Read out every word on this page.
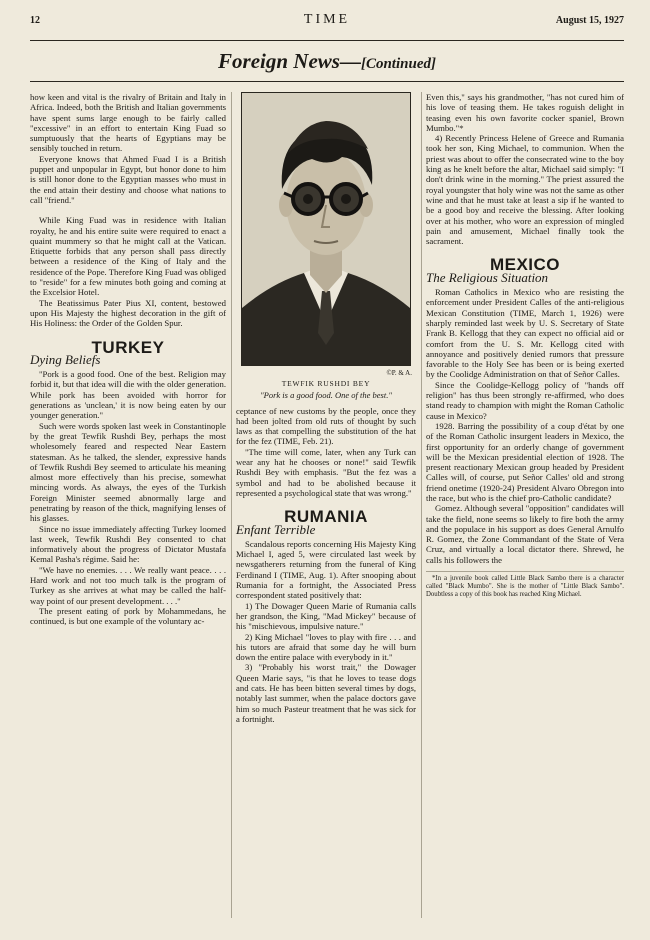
12	TIME	August 15, 1927
Foreign News—[Continued]

how keen and vital is the rivalry of Britain and Italy in Africa. Indeed, both the British and Italian governments have spent sums large enough to be fairly called "excessive" in an effort to entertain King Fuad so sumptuously that the hearts of Egyptians may be sensibly touched in return.

Everyone knows that Ahmed Fuad I is a British puppet and unpopular in Egypt, but honor done to him is still honor done to the Egyptian masses who must in the end attain their destiny and choose what nations to call "friend."

While King Fuad was in residence with Italian royalty, he and his entire suite were required to enact a quaint mummery so that he might call at the Vatican. Etiquette forbids that any person shall pass directly between a residence of the King of Italy and the residence of the Pope. Therefore King Fuad was obliged to "reside" for a few minutes both going and coming at the Excelsior Hotel.

The Beatissimus Pater Pius XI, content, bestowed upon His Majesty the highest decoration in the gift of His Holiness: the Order of the Golden Spur.

TURKEY
Dying Beliefs

"Pork is a good food. One of the best. Religion may forbid it, but that idea will die with the older generation. While pork has been avoided with horror for generations as 'unclean,' it is now being eaten by our younger generation."

Such were words spoken last week in Constantinople by the great Tewfik Rushdi Bey, perhaps the most wholesomely feared and respected Near Eastern statesman. As he talked, the slender, expressive hands of Tewfik Rushdi Bey seemed to articulate his meaning almost more effectively than his precise, somewhat mincing words. As always, the eyes of the Turkish Foreign Minister seemed abnormally large and penetrating by reason of the thick, magnifying lenses of his glasses.

Since no issue immediately affecting Turkey loomed last week, Tewfik Rushdi Bey consented to chat informatively about the progress of Dictator Mustafa Kemal Pasha's régime. Said he:

"We have no enemies. . . . We really want peace. . . . Hard work and not too much talk is the program of Turkey as she arrives at what may be called the half-way point of our present development. . . ."

The present eating of pork by Mohammedans, he continued, is but one example of the voluntary ac-

©P. & A.
TEWFIK RUSHDI BEY
"Pork is a good food. One of the best."

ceptance of new customs by the people, once they had been jolted from old ruts of thought by such laws as that compelling the substitution of the hat for the fez (TIME, Feb. 21).

"The time will come, later, when any Turk can wear any hat he chooses or none!" said Tewfik Rushdi Bey with emphasis. "But the fez was a symbol and had to be abolished because it represented a psychological state that was wrong."

RUMANIA
Enfant Terrible

Scandalous reports concerning His Majesty King Michael I, aged 5, were circulated last week by newsgatherers returning from the funeral of King Ferdinand I (TIME, Aug. 1). After snooping about Rumania for a fortnight, the Associated Press correspondent stated positively that:

1) The Dowager Queen Marie of Rumania calls her grandson, the King, "Mad Mickey" because of his "mischievous, impulsive nature."

2) King Michael "loves to play with fire . . . and his tutors are afraid that some day he will burn down the entire palace with everybody in it."

3) "Probably his worst trait," the Dowager Queen Marie says, "is that he loves to tease dogs and cats. He has been bitten several times by dogs, notably last summer, when the palace doctors gave him so much Pasteur treatment that he was sick for a fortnight.

Even this," says his grandmother, "has not cured him of his love of teasing them. He takes roguish delight in teasing even his own favorite cocker spaniel, Brown Mumbo."*

4) Recently Princess Helene of Greece and Rumania took her son, King Michael, to communion. When the priest was about to offer the consecrated wine to the boy king as he knelt before the altar, Michael said simply: "I don't drink wine in the morning." The priest assured the royal youngster that holy wine was not the same as other wine and that he must take at least a sip if he wanted to be a good boy and receive the blessing. After looking over at his mother, who wore an expression of mingled pain and amusement, Michael finally took the sacrament.

MEXICO
The Religious Situation

Roman Catholics in Mexico who are resisting the enforcement under President Calles of the anti-religious Mexican Constitution (TIME, March 1, 1926) were sharply reminded last week by U. S. Secretary of State Frank B. Kellogg that they can expect no official aid or comfort from the U. S. Mr. Kellogg cited with annoyance and positively denied rumors that pressure favorable to the Holy See has been or is being exerted by the Coolidge Administration on that of Señor Calles.

Since the Coolidge-Kellogg policy of "hands off religion" has thus been strongly re-affirmed, who does stand ready to champion with might the Roman Catholic cause in Mexico?

1928. Barring the possibility of a coup d'état by one of the Roman Catholic insurgent leaders in Mexico, the first opportunity for an orderly change of government will be the Mexican presidential election of 1928. The present reactionary Mexican group headed by President Calles will, of course, put Señor Calles' old and strong friend onetime (1920-24) President Alvaro Obregon into the race, but who is the chief pro-Catholic candidate?

Gomez. Although several "opposition" candidates will take the field, none seems so likely to fire both the army and the populace in his support as does General Arnulfo R. Gomez, the Zone Commandant of the State of Vera Cruz, and virtually a local dictator there. Shrewd, he calls his followers the

*In a juvenile book called Little Black Sambo there is a character called "Black Mumbo". She is the mother of "Little Black Sambo". Doubtless a copy of this book has reached King Michael.
